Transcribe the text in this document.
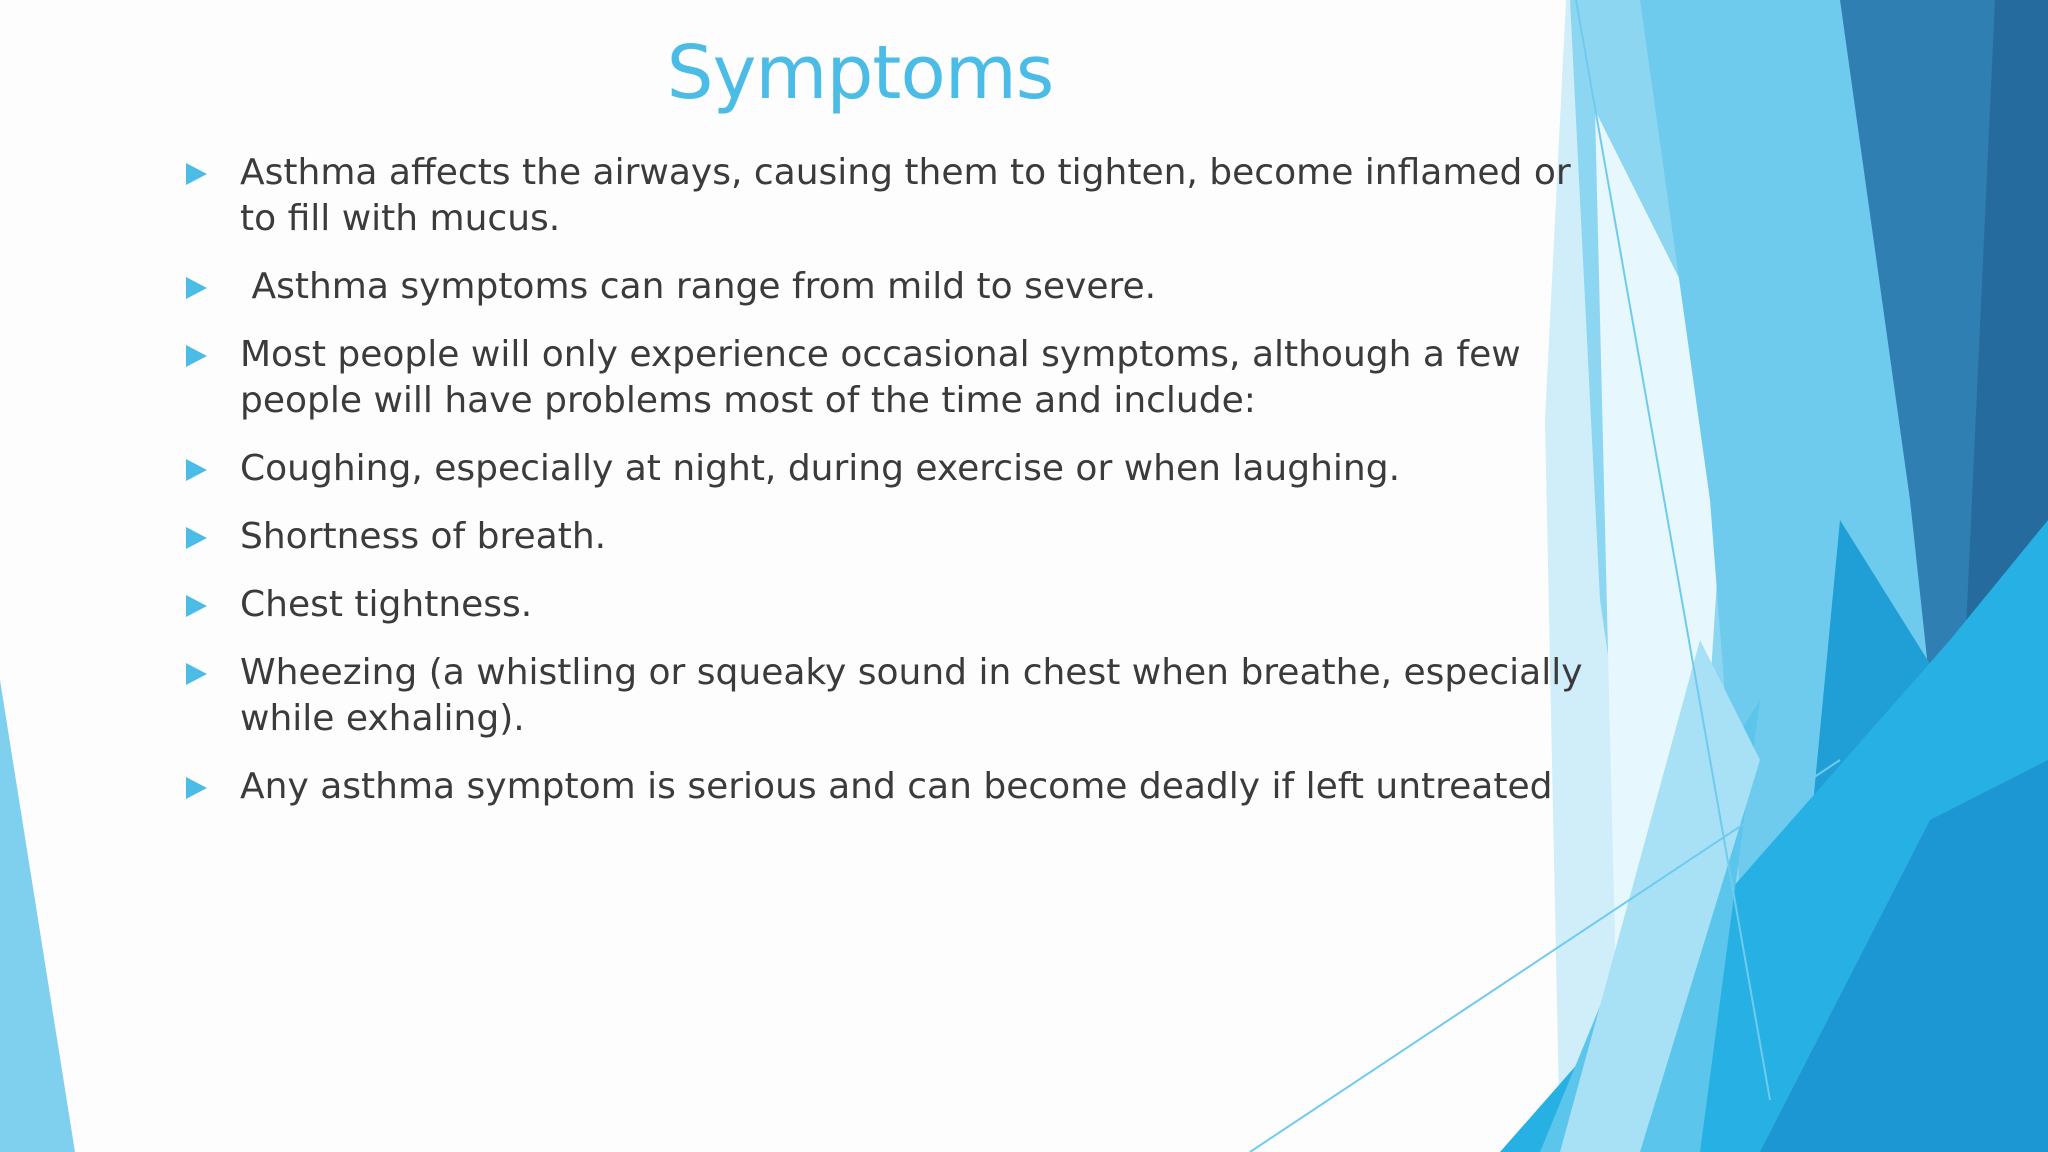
Symptoms
Asthma affects the airways, causing them to tighten, become inflamed or to fill with mucus.
Asthma symptoms can range from mild to severe.
Most people will only experience occasional symptoms, although a few people will have problems most of the time and include:
Coughing, especially at night, during exercise or when laughing.
Shortness of breath.
Chest tightness.
Wheezing (a whistling or squeaky sound in chest when breathe, especially while exhaling).
Any asthma symptom is serious and can become deadly if left untreated
